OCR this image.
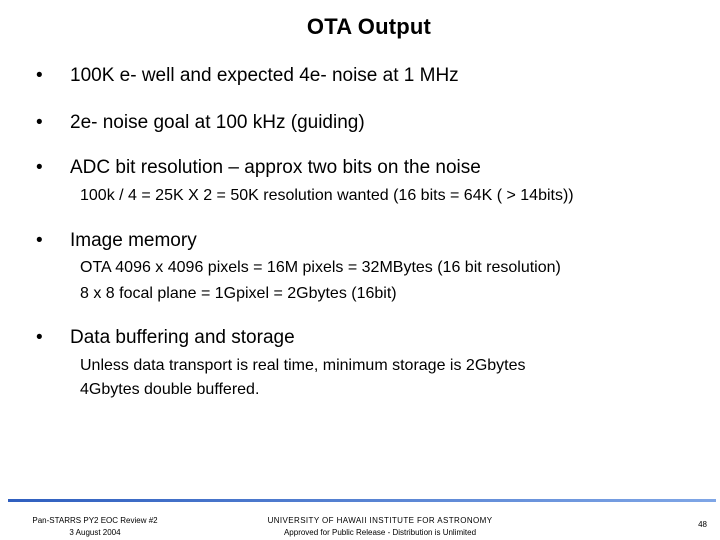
OTA Output
• 100K e- well and expected 4e- noise at 1 MHz
• 2e- noise goal at 100 kHz (guiding)
• ADC bit resolution – approx two bits on the noise
100k / 4 = 25K X 2 = 50K resolution wanted (16 bits = 64K ( > 14bits))
• Image memory
OTA 4096 x 4096 pixels = 16M pixels = 32MBytes (16 bit resolution)
8 x 8 focal plane = 1Gpixel = 2Gbytes (16bit)
• Data buffering and storage
Unless data transport is real time, minimum storage is 2Gbytes
4Gbytes double buffered.
Pan-STARRS PY2 EOC Review #2
3 August 2004
UNIVERSITY OF HAWAII INSTITUTE FOR ASTRONOMY
Approved for Public Release - Distribution is Unlimited
48
